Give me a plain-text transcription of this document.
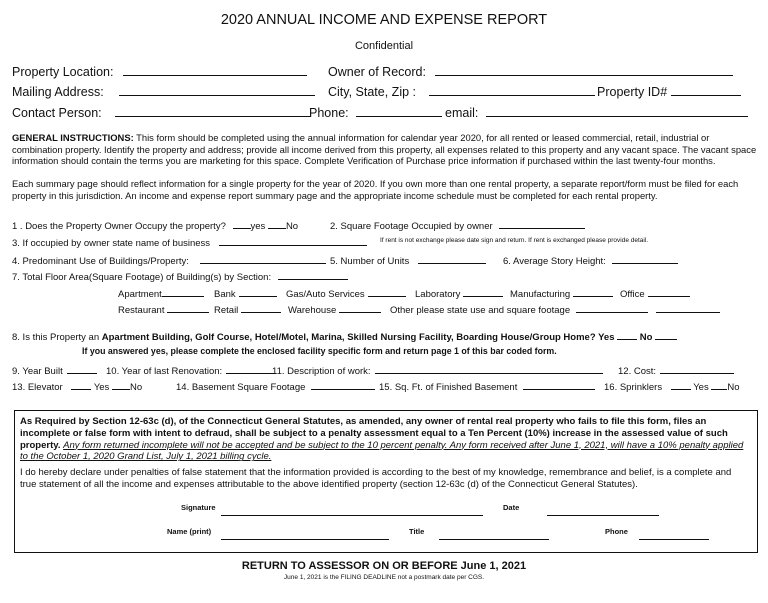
2020 ANNUAL INCOME AND EXPENSE REPORT
Confidential
Property Location:	Owner of Record:
Mailing Address:	City, State, Zip :	Property ID#
Contact Person:	Phone:	email:
GENERAL INSTRUCTIONS: This form should be completed using the annual information for calendar year 2020, for all rented or leased commercial, retail, industrial or combination property. Identify the property and address; provide all income derived from this property, all expenses related to this property and any vacant space. The vacant space information should contain the terms you are marketing for this space. Complete Verification of Purchase price information if purchased within the last twenty-four months.
Each summary page should reflect information for a single property for the year of 2020. If you own more than one rental property, a separate report/form must be filed for each property in this jurisdiction. An income and expense report summary page and the appropriate income schedule must be completed for each rental property.
1 . Does the Property Owner Occupy the property?	yes No	2. Square Footage Occupied by owner
3. If occupied by owner state name of business	If rent is not exchange please date sign and return. If rent is exchanged please provide detail.
4. Predominant Use of Buildings/Property:	5. Number of Units	6. Average Story Height:
7. Total Floor Area(Square Footage) of Building(s) by Section:
Apartment	Bank	Gas/Auto Services	Laboratory	Manufacturing	Office
Restaurant	Retail	Warehouse	Other please state use and square footage
8. Is this Property an Apartment Building, Golf Course, Hotel/Motel, Marina, Skilled Nursing Facility, Boarding House/Group Home? Yes	No
If you answered yes, please complete the enclosed facility specific form and return page 1 of this bar coded form.
9. Year Built	10. Year of last Renovation:	11. Description of work:	12. Cost:
13. Elevator	Yes No	14. Basement Square Footage	15. Sq. Ft. of Finished Basement	16. Sprinklers	Yes No
As Required by Section 12-63c (d), of the Connecticut General Statutes, as amended, any owner of rental real property who fails to file this form, files an incomplete or false form with intent to defraud, shall be subject to a penalty assessment equal to a Ten Percent (10%) increase in the assessed value of such property. Any form returned incomplete will not be accepted and be subject to the 10 percent penalty. Any form received after June 1, 2021, will have a 10% penalty applied to the October 1, 2020 Grand List, July 1, 2021 billing cycle.
I do hereby declare under penalties of false statement that the information provided is according to the best of my knowledge, remembrance and belief, is a complete and true statement of all the income and expenses attributable to the above identified property (section 12-63c (d) of the Connecticut General Statutes).
Signature	Date
Name (print)	Title	Phone
RETURN TO ASSESSOR ON OR BEFORE June 1, 2021
June 1, 2021 is the FILING DEADLINE not a postmark date per CGS.
